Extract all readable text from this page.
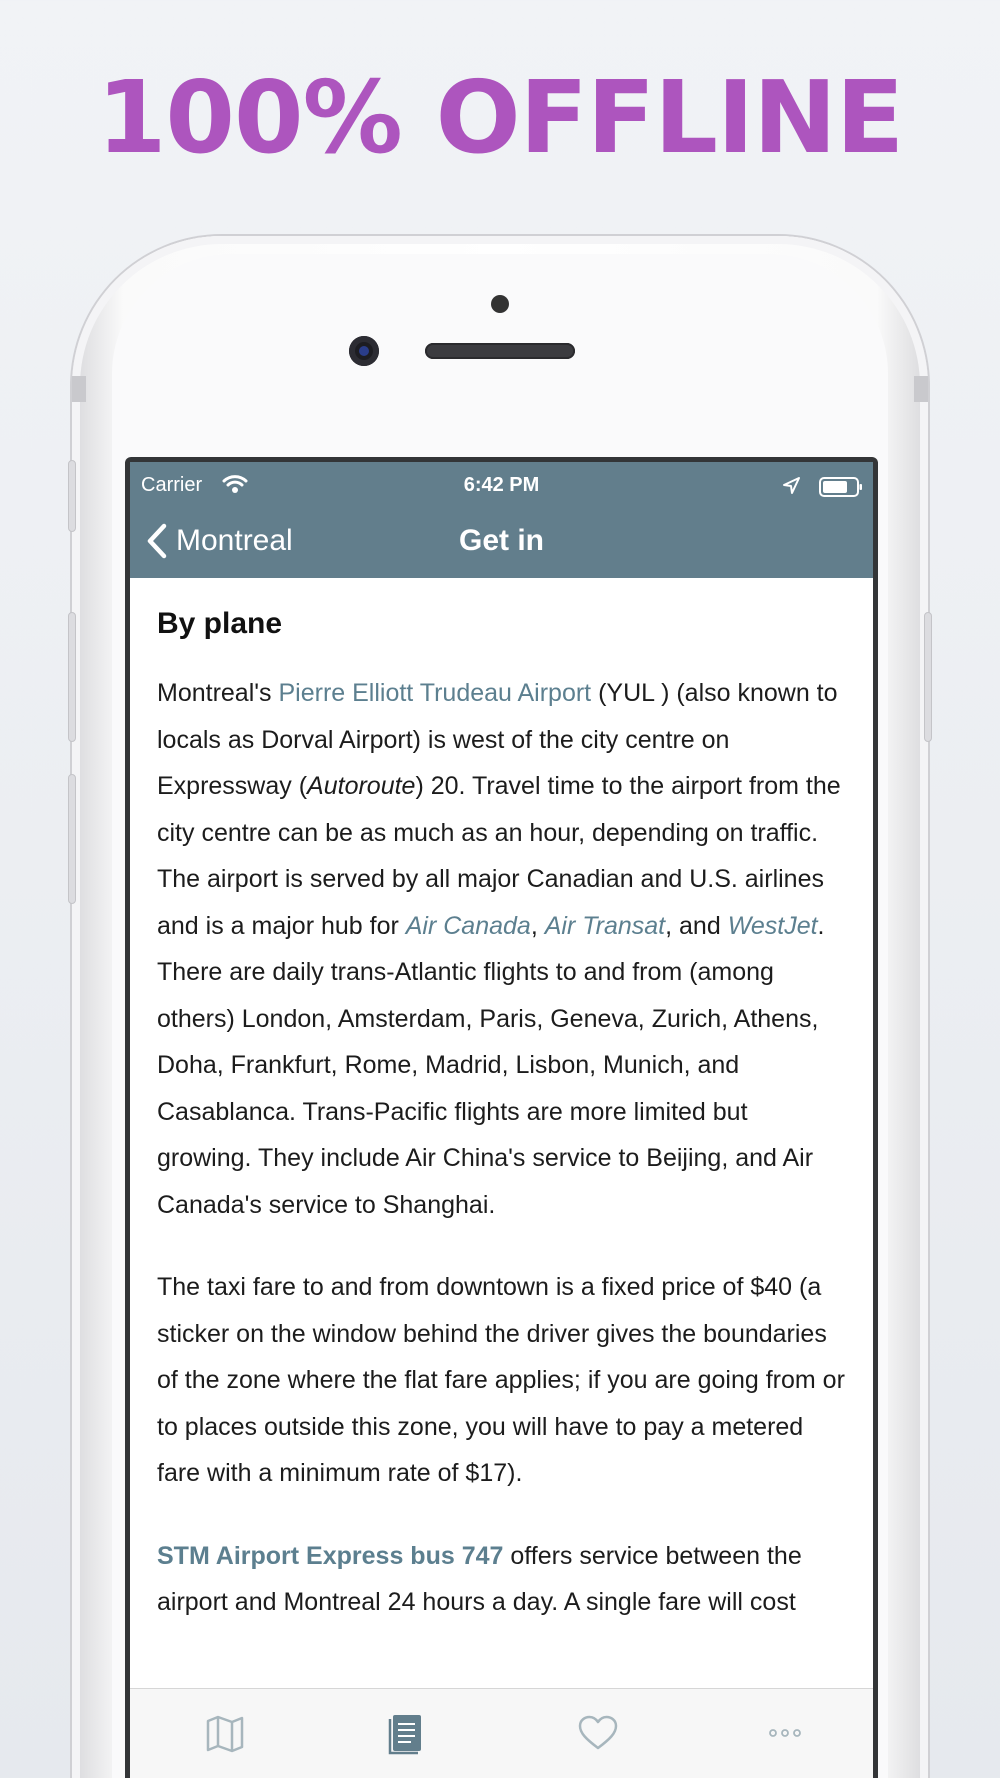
100% OFFLINE
Carrier	6:42 PM
Montreal	Get in
By plane

Montreal's Pierre Elliott Trudeau Airport (YUL ) (also known to locals as Dorval Airport) is west of the city centre on Expressway (Autoroute) 20. Travel time to the airport from the city centre can be as much as an hour, depending on traffic. The airport is served by all major Canadian and U.S. airlines and is a major hub for Air Canada, Air Transat, and WestJet. There are daily trans-Atlantic flights to and from (among others) London, Amsterdam, Paris, Geneva, Zurich, Athens, Doha, Frankfurt, Rome, Madrid, Lisbon, Munich, and Casablanca. Trans-Pacific flights are more limited but growing. They include Air China's service to Beijing, and Air Canada's service to Shanghai.

The taxi fare to and from downtown is a fixed price of $40 (a sticker on the window behind the driver gives the boundaries of the zone where the flat fare applies; if you are going from or to places outside this zone, you will have to pay a metered fare with a minimum rate of $17).

STM Airport Express bus 747 offers service between the airport and Montreal 24 hours a day. A single fare will cost
